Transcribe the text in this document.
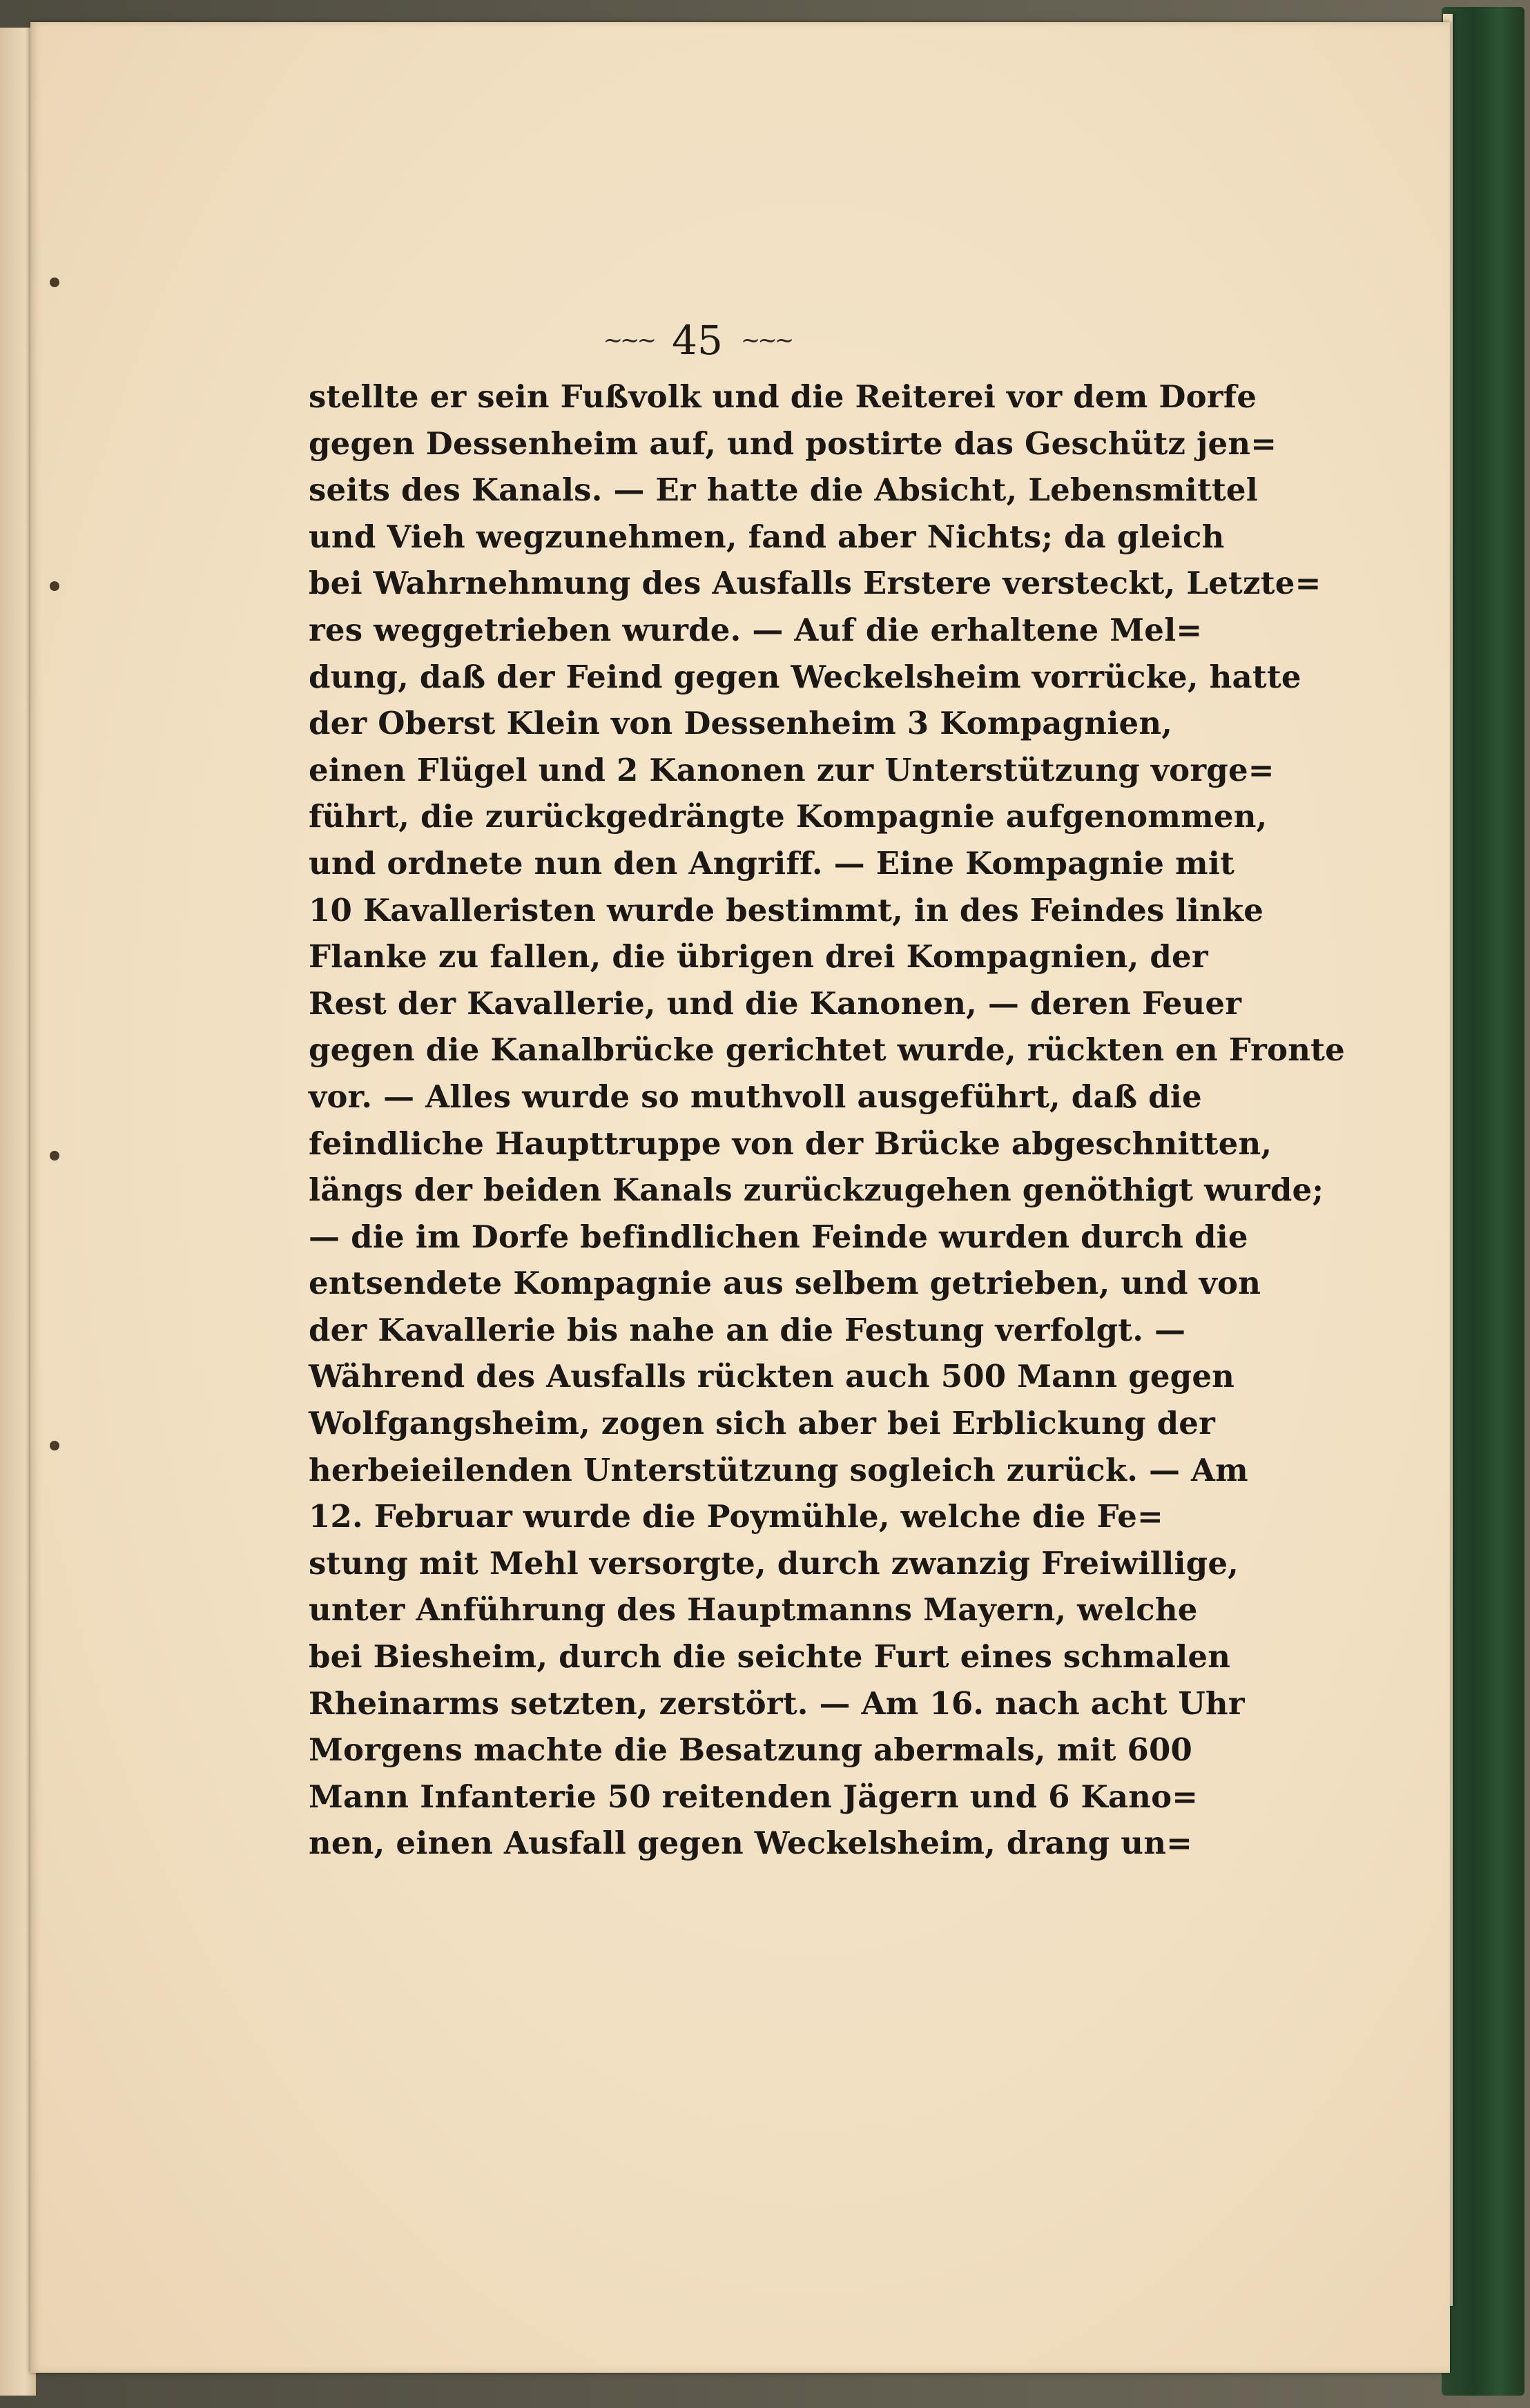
~~~ 45 ~~~
stellte er sein Fußvolk und die Reiterei vor dem Dorfe
gegen Dessenheim auf, und postirte das Geschütz jen=
seits des Kanals. — Er hatte die Absicht, Lebensmittel
und Vieh wegzunehmen, fand aber Nichts; da gleich
bei Wahrnehmung des Ausfalls Erstere versteckt, Letzte=
res weggetrieben wurde. — Auf die erhaltene Mel=
dung, daß der Feind gegen Weckelsheim vorrücke, hatte
der Oberst Klein von Dessenheim 3 Kompagnien,
einen Flügel und 2 Kanonen zur Unterstützung vorge=
führt, die zurückgedrängte Kompagnie aufgenommen,
und ordnete nun den Angriff. — Eine Kompagnie mit
10 Kavalleristen wurde bestimmt, in des Feindes linke
Flanke zu fallen, die übrigen drei Kompagnien, der
Rest der Kavallerie, und die Kanonen, — deren Feuer
gegen die Kanalbrücke gerichtet wurde, rückten en Fronte
vor. — Alles wurde so muthvoll ausgeführt, daß die
feindliche Haupttruppe von der Brücke abgeschnitten,
längs der beiden Kanals zurückzugehen genöthigt wurde;
— die im Dorfe befindlichen Feinde wurden durch die
entsendete Kompagnie aus selbem getrieben, und von
der Kavallerie bis nahe an die Festung verfolgt. —
Während des Ausfalls rückten auch 500 Mann gegen
Wolfgangsheim, zogen sich aber bei Erblickung der
herbeieilenden Unterstützung sogleich zurück. — Am
12. Februar wurde die Poymühle, welche die Fe=
stung mit Mehl versorgte, durch zwanzig Freiwillige,
unter Anführung des Hauptmanns Mayern, welche
bei Biesheim, durch die seichte Furt eines schmalen
Rheinarms setzten, zerstört. — Am 16. nach acht Uhr
Morgens machte die Besatzung abermals, mit 600
Mann Infanterie 50 reitenden Jägern und 6 Kano=
nen, einen Ausfall gegen Weckelsheim, drang un=
